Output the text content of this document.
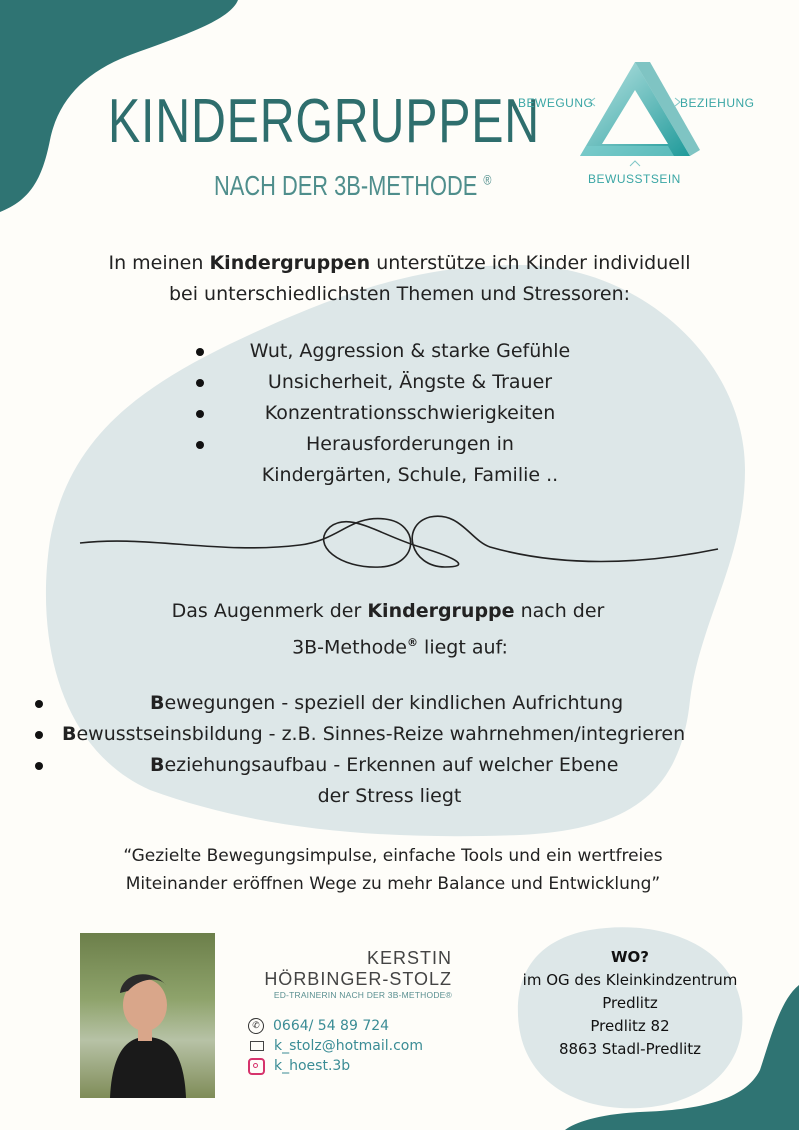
KINDERGRUPPEN
NACH DER 3B-METHODE ®
BEWEGUNG	BEZIEHUNG
BEWUSSTSEIN
In meinen Kindergruppen unterstütze ich Kinder individuell
bei unterschiedlichsten Themen und Stressoren:
Wut, Aggression & starke Gefühle
Unsicherheit, Ängste & Trauer
Konzentrationsschwierigkeiten
Herausforderungen in
Kindergärten, Schule, Familie ..
Das Augenmerk der Kindergruppe nach der
3B-Methode® liegt auf:
Bewegungen - speziell der kindlichen Aufrichtung
Bewusstseinsbildung - z.B. Sinnes-Reize wahrnehmen/integrieren
Beziehungsaufbau - Erkennen auf welcher Ebene
der Stress liegt
“Gezielte Bewegungsimpulse, einfache Tools und ein wertfreies
Miteinander eröffnen Wege zu mehr Balance und Entwicklung”
KERSTIN
HÖRBINGER-STOLZ
ED-TRAINERIN NACH DER 3B-METHODE®
✆ 0664/ 54 89 724
k_stolz@hotmail.com
k_hoest.3b
WO?
im OG des Kleinkindzentrum
Predlitz
Predlitz 82
8863 Stadl-Predlitz
